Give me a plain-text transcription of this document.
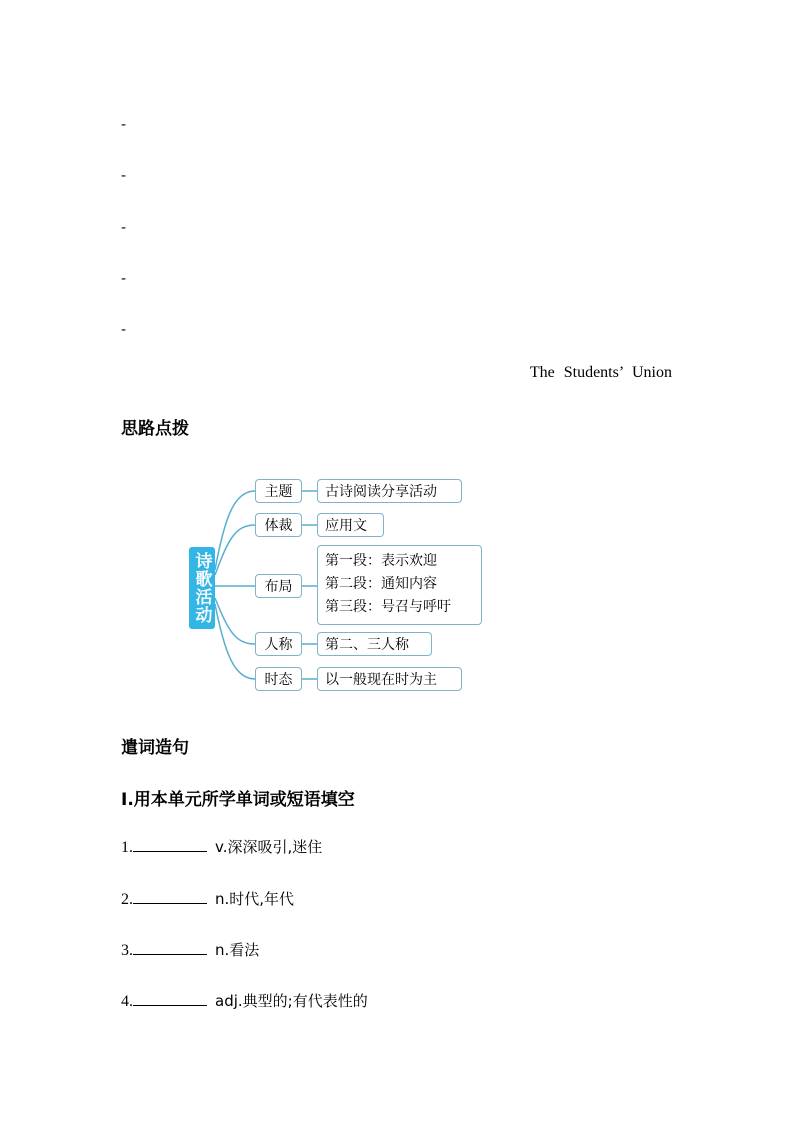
-
-
-
-
-
The Students’ Union
思路点拨
诗歌活动
主题	古诗阅读分享活动
体裁	应用文
布局
第一段：表示欢迎
第二段：通知内容
第三段：号召与呼吁
人称	第二、三人称
时态	以一般现在时为主
遣词造句
Ⅰ.用本单元所学单词或短语填空
1.	v.深深吸引,迷住
2.	n.时代,年代
3.	n.看法
4.	adj.典型的;有代表性的
